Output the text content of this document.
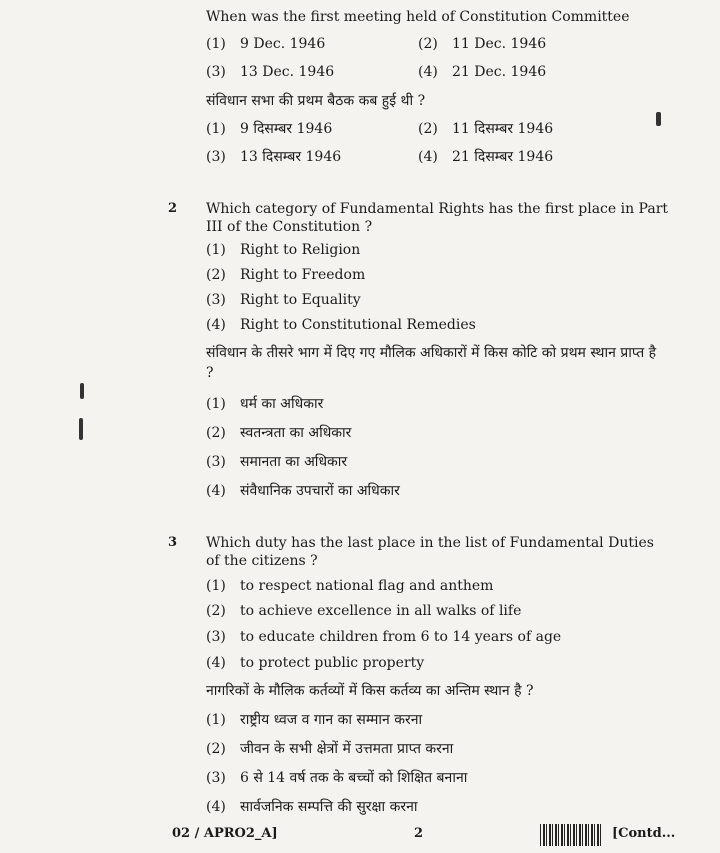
When was the first meeting held of Constitution Committee
(1) 9 Dec. 1946	(2) 11 Dec. 1946
(3) 13 Dec. 1946	(4) 21 Dec. 1946
संविधान सभा की प्रथम बैठक कब हुई थी ?
(1) 9 दिसम्बर 1946	(2) 11 दिसम्बर 1946
(3) 13 दिसम्बर 1946	(4) 21 दिसम्बर 1946
2 Which category of Fundamental Rights has the first place in Part III of the Constitution ?
(1) Right to Religion
(2) Right to Freedom
(3) Right to Equality
(4) Right to Constitutional Remedies
संविधान के तीसरे भाग में दिए गए मौलिक अधिकारों में किस कोटि को प्रथम स्थान प्राप्त है ?
(1) धर्म का अधिकार
(2) स्वतन्त्रता का अधिकार
(3) समानता का अधिकार
(4) संवैधानिक उपचारों का अधिकार
3 Which duty has the last place in the list of Fundamental Duties of the citizens ?
(1) to respect national flag and anthem
(2) to achieve excellence in all walks of life
(3) to educate children from 6 to 14 years of age
(4) to protect public property
नागरिकों के मौलिक कर्तव्यों में किस कर्तव्य का अन्तिम स्थान है ?
(1) राष्ट्रीय ध्वज व गान का सम्मान करना
(2) जीवन के सभी क्षेत्रों में उत्तमता प्राप्त करना
(3) 6 से 14 वर्ष तक के बच्चों को शिक्षित बनाना
(4) सार्वजनिक सम्पत्ति की सुरक्षा करना
02 / APRO2_A]	2	[Contd...
